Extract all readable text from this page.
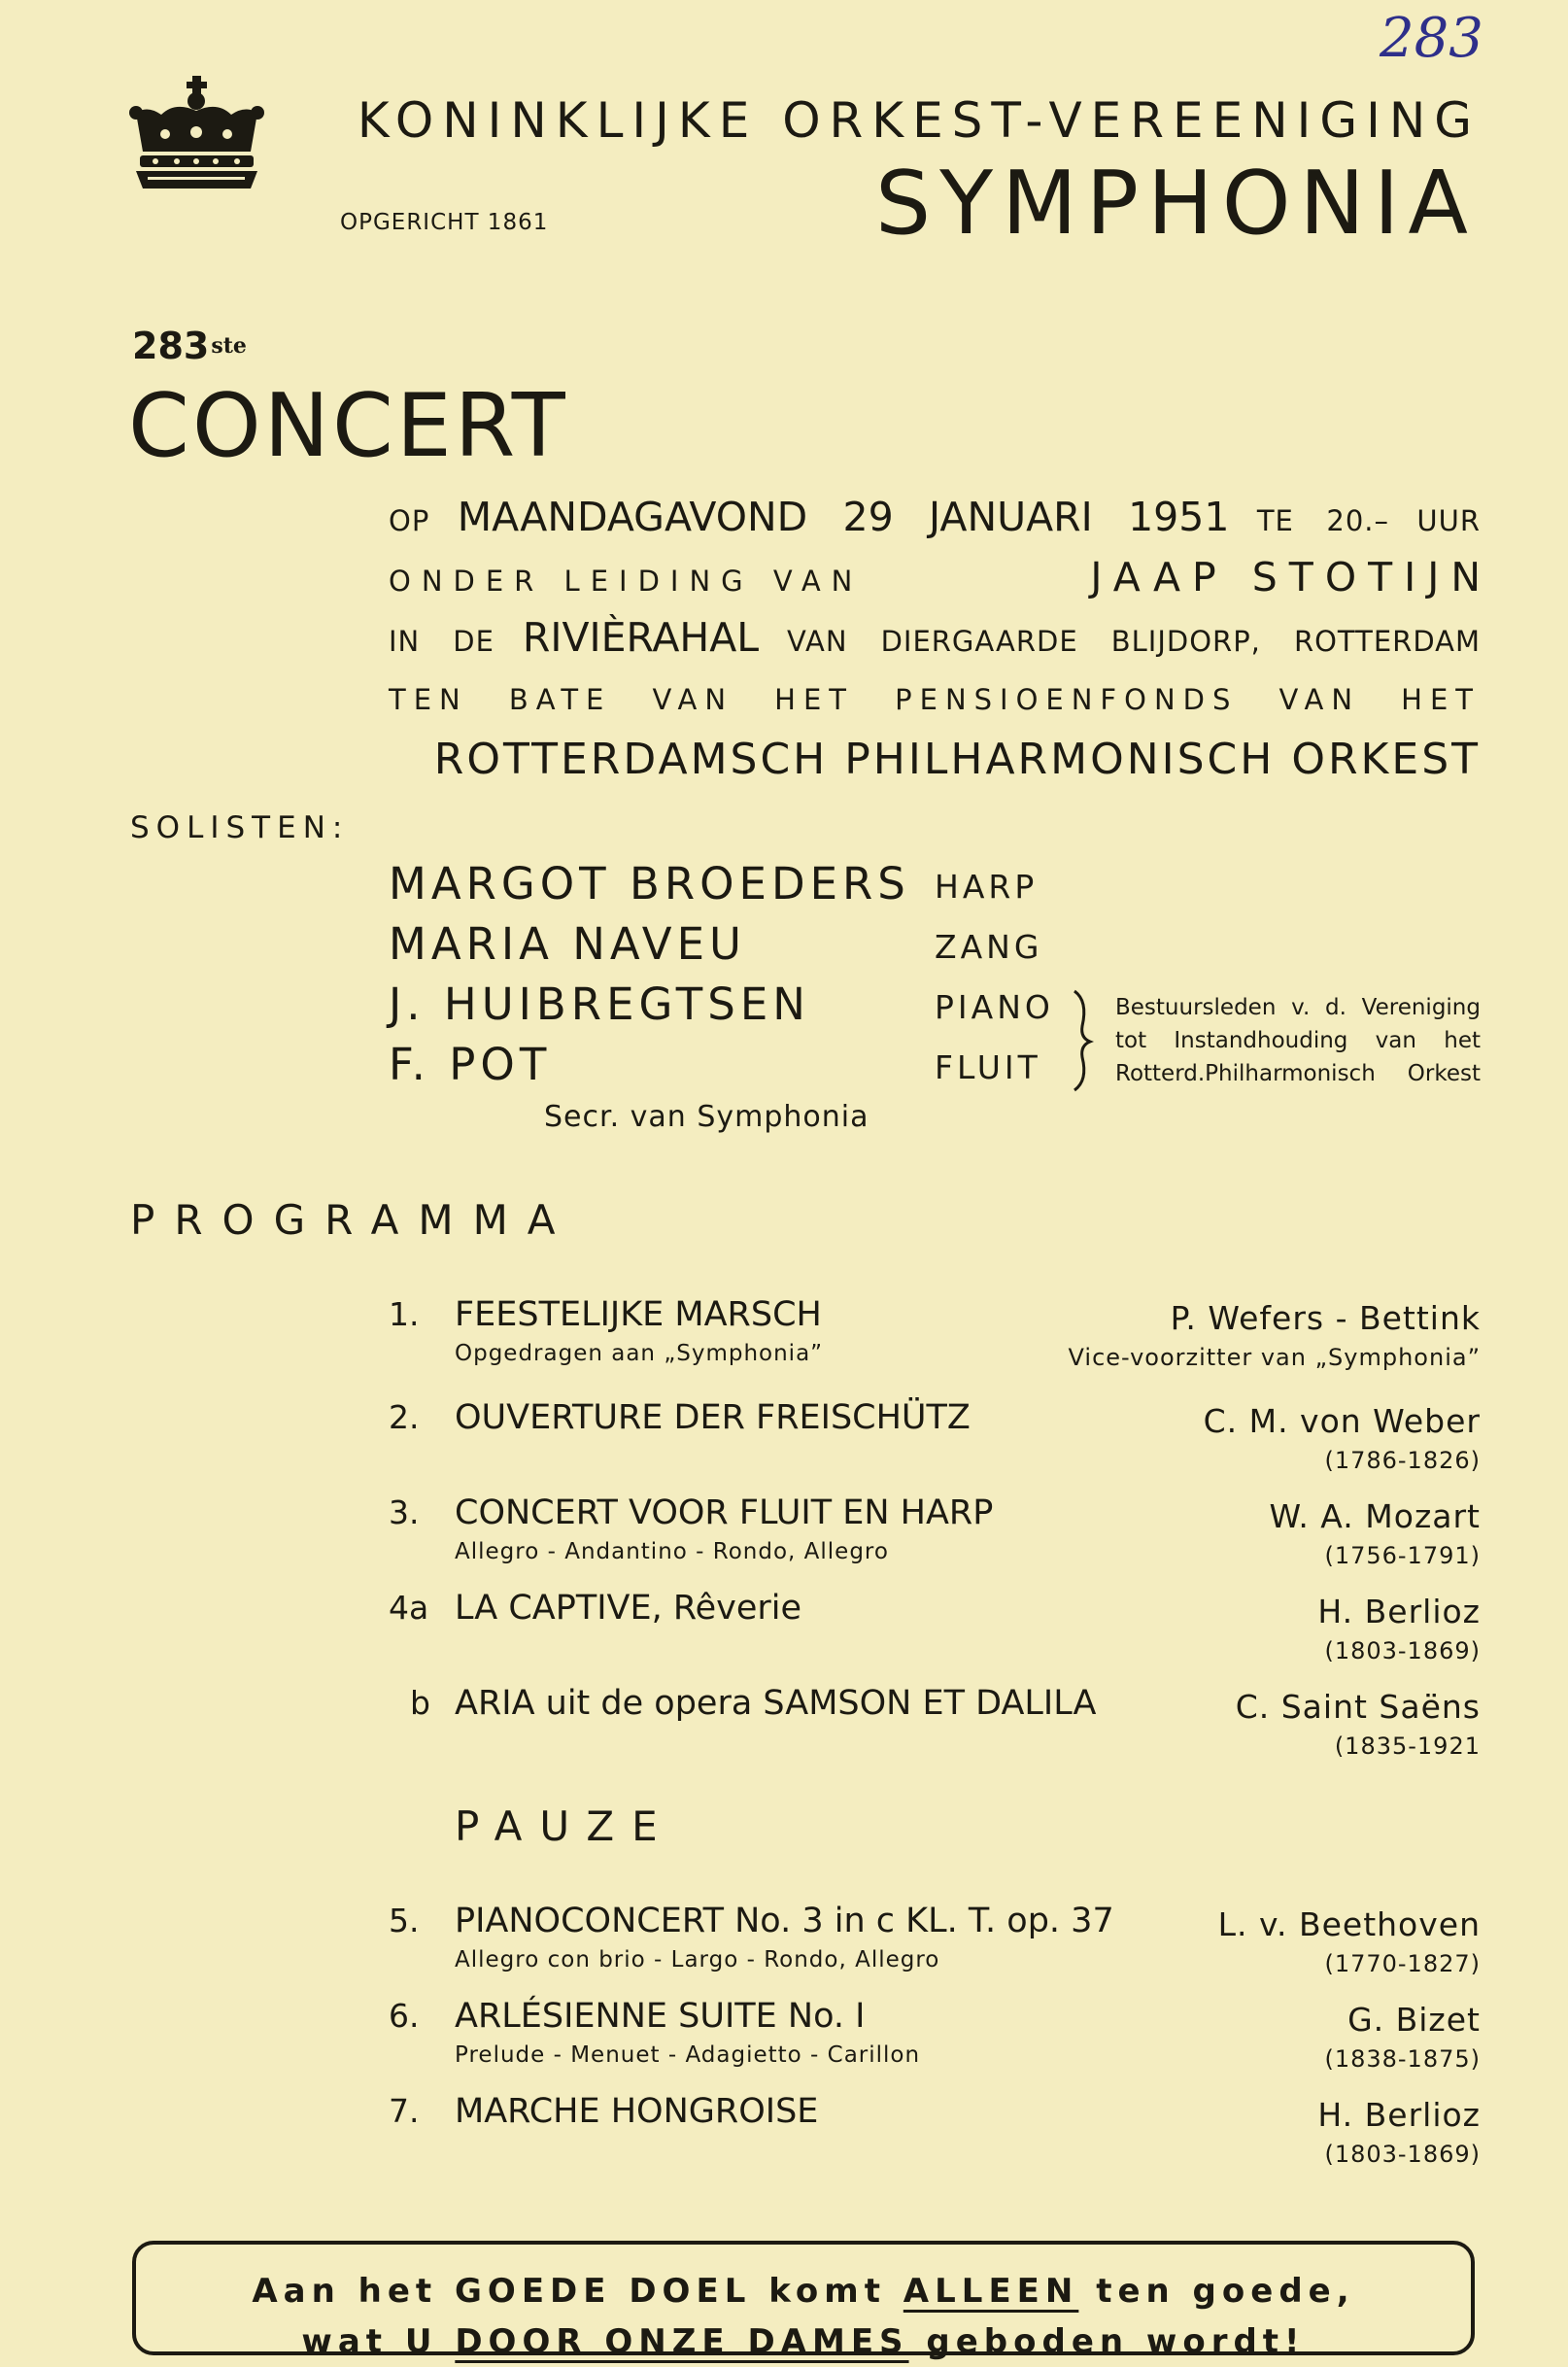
KONINKLIJKE ORKEST-VEREENIGING
OPGERICHT 1861	SYMPHONIA
283
283ste
CONCERT
OP MAANDAGAVOND 29 JANUARI 1951 TE 20.– UUR
ONDER LEIDING VAN	JAAP STOTIJN
IN DE RIVIÈRAHAL VAN DIERGAARDE BLIJDORP, ROTTERDAM
TEN BATE VAN HET PENSIOENFONDS VAN HET
ROTTERDAMSCH PHILHARMONISCH ORKEST
SOLISTEN:
MARGOT BROEDERS HARP
MARIA NAVEU	ZANG
J. HUIBREGTSEN	PIANO
F. POT	FLUIT
Bestuursleden v. d. Vereniging
tot Instandhouding van het
Rotterd.Philharmonisch Orkest
Secr. van Symphonia
PROGRAMMA
1. FEESTELIJKE MARSCH
Opgedragen aan „Symphonia”
P. Wefers - Bettink
Vice-voorzitter van „Symphonia”
2. OUVERTURE DER FREISCHÜTZ	C. M. von Weber
(1786-1826)
3. CONCERT VOOR FLUIT EN HARP
Allegro - Andantino - Rondo, Allegro
W. A. Mozart
(1756-1791)
4a LA CAPTIVE, Rêverie	H. Berlioz
(1803-1869)
b ARIA uit de opera SAMSON ET DALILA	C. Saint Saëns
(1835-1921
PAUZE
5. PIANOCONCERT No. 3 in c KL. T. op. 37
Allegro con brio - Largo - Rondo, Allegro
L. v. Beethoven
(1770-1827)
6. ARLÉSIENNE SUITE No. I
Prelude - Menuet - Adagietto - Carillon
G. Bizet
(1838-1875)
7. MARCHE HONGROISE	H. Berlioz
(1803-1869)
Aan het GOEDE DOEL komt ALLEEN ten goede,
wat U DOOR ONZE DAMES geboden wordt!
